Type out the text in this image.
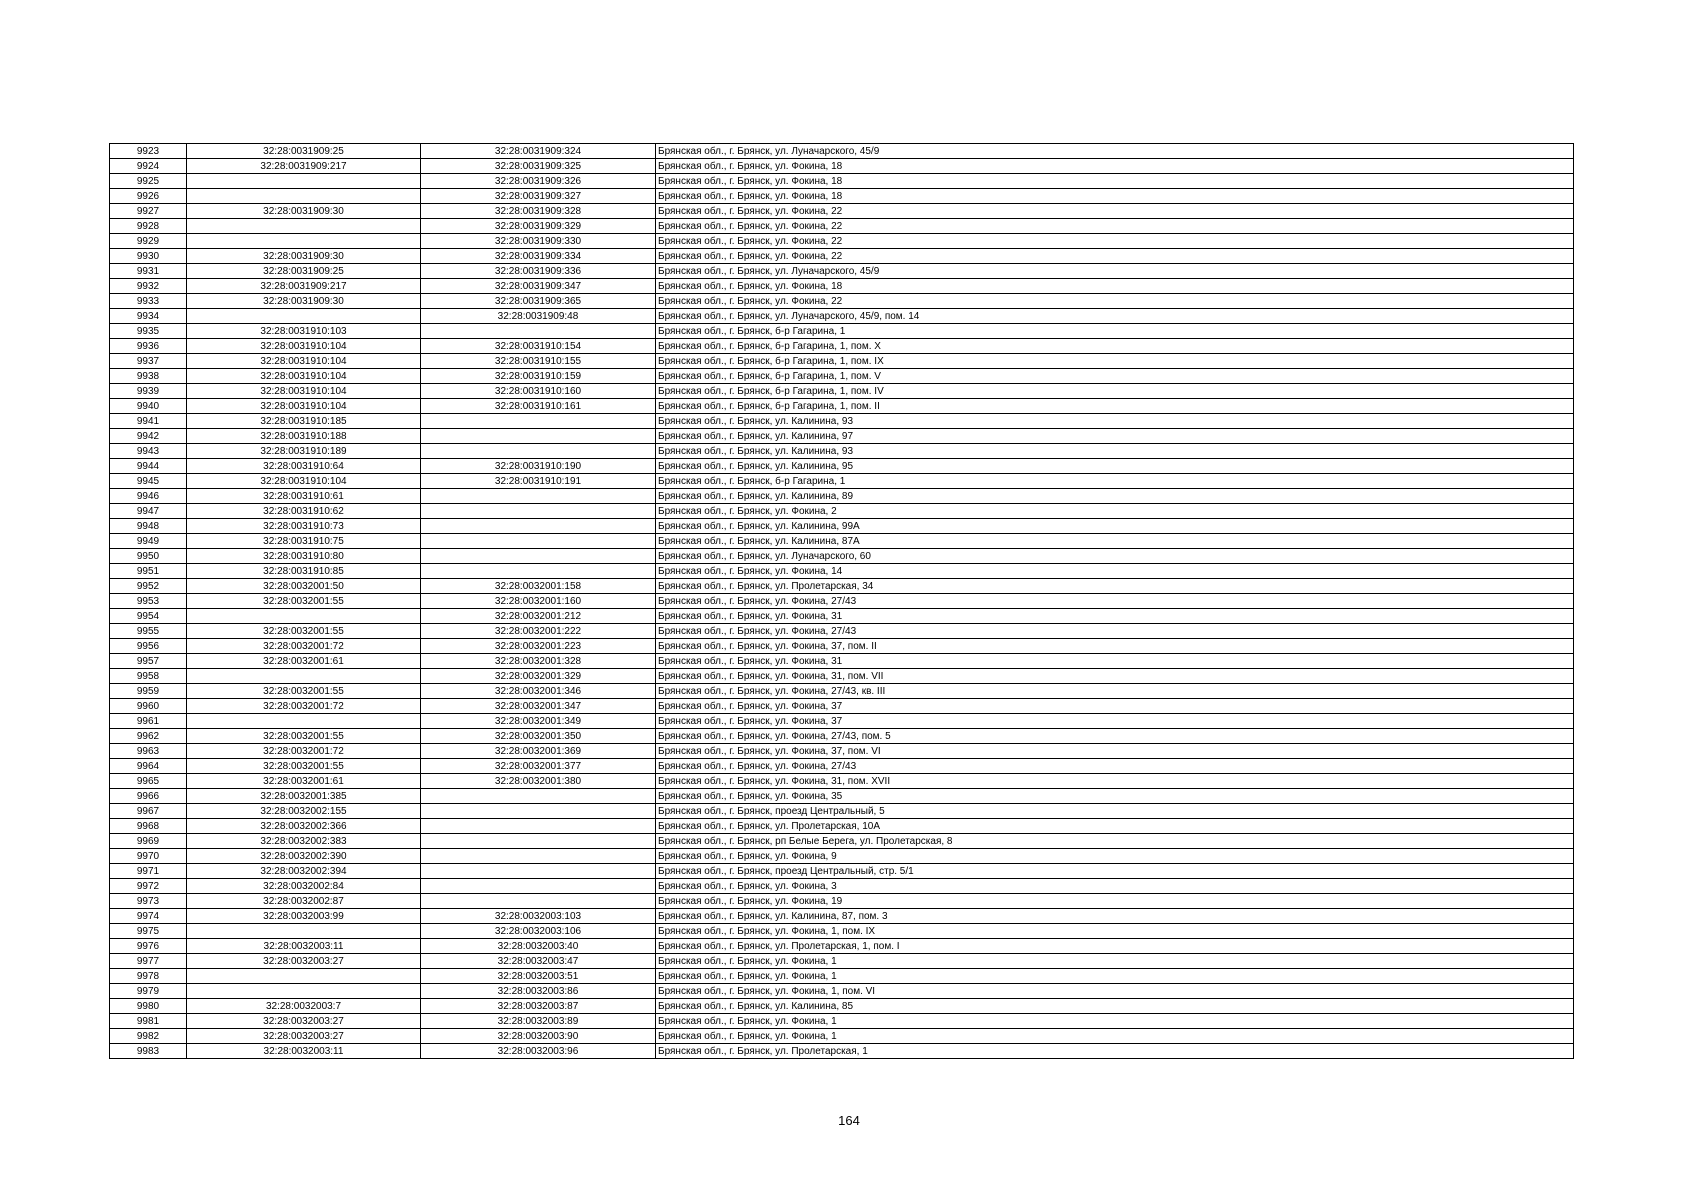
9923	32:28:0031909:25	32:28:0031909:324	Брянская обл., г. Брянск, ул. Луначарского, 45/9
9924	32:28:0031909:217	32:28:0031909:325	Брянская обл., г. Брянск, ул. Фокина, 18
9925		32:28:0031909:326	Брянская обл., г. Брянск, ул. Фокина, 18
9926		32:28:0031909:327	Брянская обл., г. Брянск, ул. Фокина, 18
9927	32:28:0031909:30	32:28:0031909:328	Брянская обл., г. Брянск, ул. Фокина, 22
9928		32:28:0031909:329	Брянская обл., г. Брянск, ул. Фокина, 22
9929		32:28:0031909:330	Брянская обл., г. Брянск, ул. Фокина, 22
9930	32:28:0031909:30	32:28:0031909:334	Брянская обл., г. Брянск, ул. Фокина, 22
9931	32:28:0031909:25	32:28:0031909:336	Брянская обл., г. Брянск, ул. Луначарского, 45/9
9932	32:28:0031909:217	32:28:0031909:347	Брянская обл., г. Брянск, ул. Фокина, 18
9933	32:28:0031909:30	32:28:0031909:365	Брянская обл., г. Брянск, ул. Фокина, 22
9934		32:28:0031909:48	Брянская обл., г. Брянск, ул. Луначарского, 45/9, пом. 14
9935	32:28:0031910:103		Брянская обл., г. Брянск, б-р Гагарина, 1
9936	32:28:0031910:104	32:28:0031910:154	Брянская обл., г. Брянск, б-р Гагарина, 1, пом. X
9937	32:28:0031910:104	32:28:0031910:155	Брянская обл., г. Брянск, б-р Гагарина, 1, пом. IX
9938	32:28:0031910:104	32:28:0031910:159	Брянская обл., г. Брянск, б-р Гагарина, 1, пом. V
9939	32:28:0031910:104	32:28:0031910:160	Брянская обл., г. Брянск, б-р Гагарина, 1, пом. IV
9940	32:28:0031910:104	32:28:0031910:161	Брянская обл., г. Брянск, б-р Гагарина, 1, пом. II
9941	32:28:0031910:185		Брянская обл., г. Брянск, ул. Калинина, 93
9942	32:28:0031910:188		Брянская обл., г. Брянск, ул. Калинина, 97
9943	32:28:0031910:189		Брянская обл., г. Брянск, ул. Калинина, 93
9944	32:28:0031910:64	32:28:0031910:190	Брянская обл., г. Брянск, ул. Калинина, 95
9945	32:28:0031910:104	32:28:0031910:191	Брянская обл., г. Брянск, б-р Гагарина, 1
9946	32:28:0031910:61		Брянская обл., г. Брянск, ул. Калинина, 89
9947	32:28:0031910:62		Брянская обл., г. Брянск, ул. Фокина, 2
9948	32:28:0031910:73		Брянская обл., г. Брянск, ул. Калинина, 99А
9949	32:28:0031910:75		Брянская обл., г. Брянск, ул. Калинина, 87А
9950	32:28:0031910:80		Брянская обл., г. Брянск, ул. Луначарского, 60
9951	32:28:0031910:85		Брянская обл., г. Брянск, ул. Фокина, 14
9952	32:28:0032001:50	32:28:0032001:158	Брянская обл., г. Брянск, ул. Пролетарская, 34
9953	32:28:0032001:55	32:28:0032001:160	Брянская обл., г. Брянск, ул. Фокина, 27/43
9954		32:28:0032001:212	Брянская обл., г. Брянск, ул. Фокина, 31
9955	32:28:0032001:55	32:28:0032001:222	Брянская обл., г. Брянск, ул. Фокина, 27/43
9956	32:28:0032001:72	32:28:0032001:223	Брянская обл., г. Брянск, ул. Фокина, 37, пом. II
9957	32:28:0032001:61	32:28:0032001:328	Брянская обл., г. Брянск, ул. Фокина, 31
9958		32:28:0032001:329	Брянская обл., г. Брянск, ул. Фокина, 31, пом. VII
9959	32:28:0032001:55	32:28:0032001:346	Брянская обл., г. Брянск, ул. Фокина, 27/43, кв. III
9960	32:28:0032001:72	32:28:0032001:347	Брянская обл., г. Брянск, ул. Фокина, 37
9961		32:28:0032001:349	Брянская обл., г. Брянск, ул. Фокина, 37
9962	32:28:0032001:55	32:28:0032001:350	Брянская обл., г. Брянск, ул. Фокина, 27/43, пом. 5
9963	32:28:0032001:72	32:28:0032001:369	Брянская обл., г. Брянск, ул. Фокина, 37, пом. VI
9964	32:28:0032001:55	32:28:0032001:377	Брянская обл., г. Брянск, ул. Фокина, 27/43
9965	32:28:0032001:61	32:28:0032001:380	Брянская обл., г. Брянск, ул. Фокина, 31, пом. XVII
9966	32:28:0032001:385		Брянская обл., г. Брянск, ул. Фокина, 35
9967	32:28:0032002:155		Брянская обл., г. Брянск, проезд Центральный, 5
9968	32:28:0032002:366		Брянская обл., г. Брянск, ул. Пролетарская, 10А
9969	32:28:0032002:383		Брянская обл., г. Брянск, рп Белые Берега, ул. Пролетарская, 8
9970	32:28:0032002:390		Брянская обл., г. Брянск, ул. Фокина, 9
9971	32:28:0032002:394		Брянская обл., г. Брянск, проезд Центральный, стр. 5/1
9972	32:28:0032002:84		Брянская обл., г. Брянск, ул. Фокина, 3
9973	32:28:0032002:87		Брянская обл., г. Брянск, ул. Фокина, 19
9974	32:28:0032003:99	32:28:0032003:103	Брянская обл., г. Брянск, ул. Калинина, 87, пом. 3
9975		32:28:0032003:106	Брянская обл., г. Брянск, ул. Фокина, 1, пом. IX
9976	32:28:0032003:11	32:28:0032003:40	Брянская обл., г. Брянск, ул. Пролетарская, 1, пом. I
9977	32:28:0032003:27	32:28:0032003:47	Брянская обл., г. Брянск, ул. Фокина, 1
9978		32:28:0032003:51	Брянская обл., г. Брянск, ул. Фокина, 1
9979		32:28:0032003:86	Брянская обл., г. Брянск, ул. Фокина, 1, пом. VI
9980	32:28:0032003:7	32:28:0032003:87	Брянская обл., г. Брянск, ул. Калинина, 85
9981	32:28:0032003:27	32:28:0032003:89	Брянская обл., г. Брянск, ул. Фокина, 1
9982	32:28:0032003:27	32:28:0032003:90	Брянская обл., г. Брянск, ул. Фокина, 1
9983	32:28:0032003:11	32:28:0032003:96	Брянская обл., г. Брянск, ул. Пролетарская, 1
164
